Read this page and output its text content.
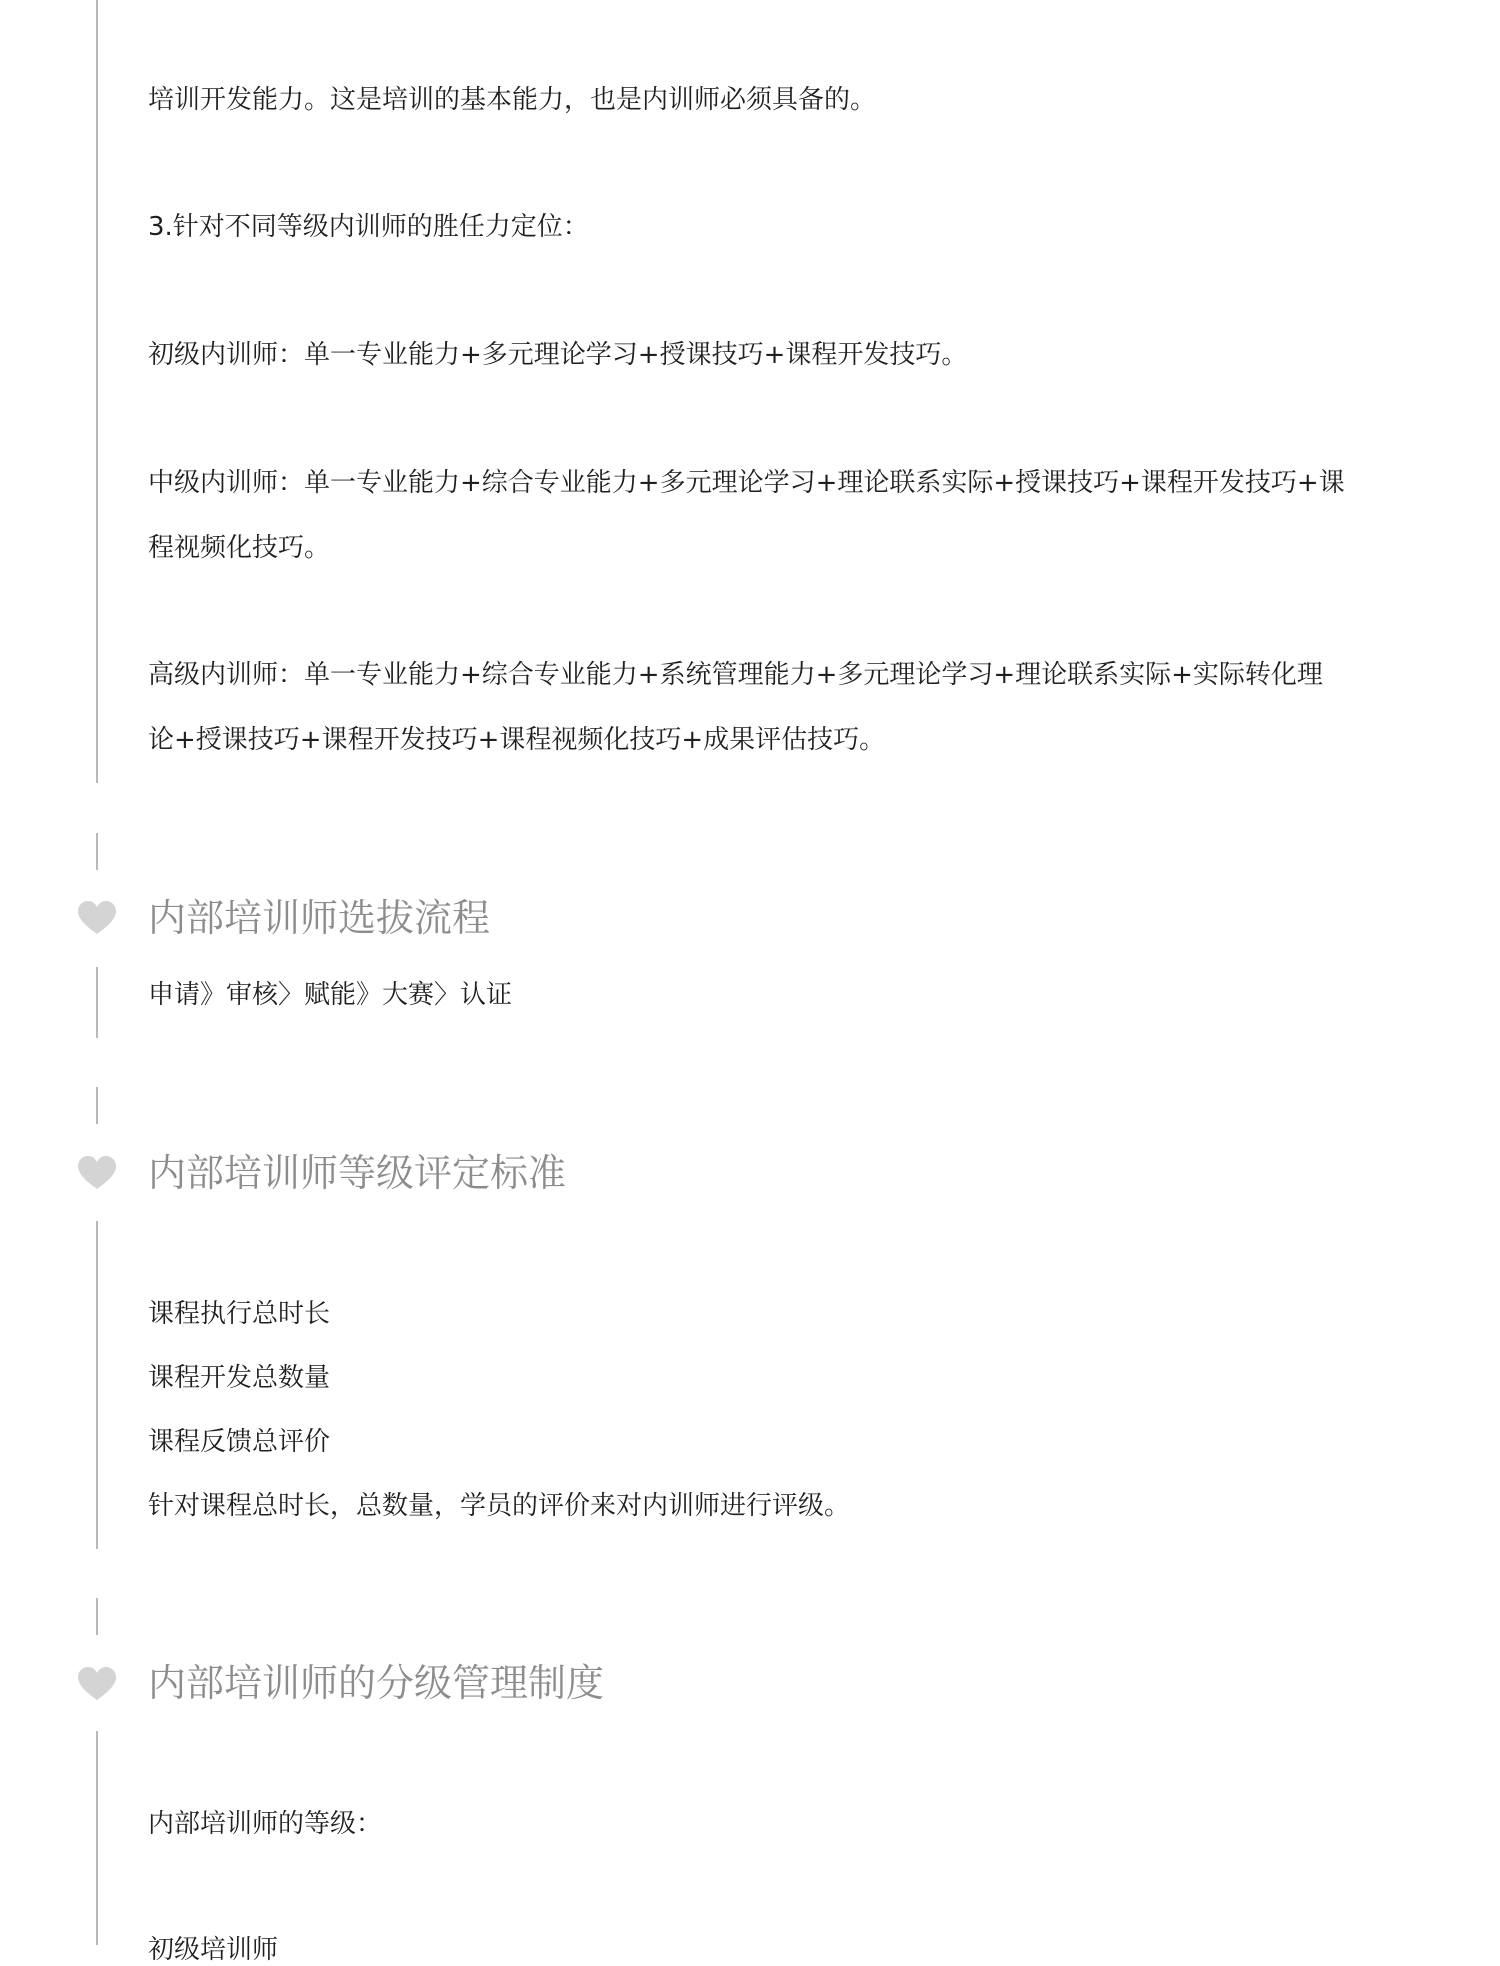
培训开发能力。这是培训的基本能力，也是内训师必须具备的。
3.针对不同等级内训师的胜任力定位：
初级内训师：单一专业能力+多元理论学习+授课技巧+课程开发技巧。
中级内训师：单一专业能力+综合专业能力+多元理论学习+理论联系实际+授课技巧+课程开发技巧+课
程视频化技巧。
高级内训师：单一专业能力+综合专业能力+系统管理能力+多元理论学习+理论联系实际+实际转化理
论+授课技巧+课程开发技巧+课程视频化技巧+成果评估技巧。
内部培训师选拔流程
申请》审核〉赋能》大赛〉认证
内部培训师等级评定标准
课程执行总时长
课程开发总数量
课程反馈总评价
针对课程总时长，总数量，学员的评价来对内训师进行评级。
内部培训师的分级管理制度
内部培训师的等级：
初级培训师
